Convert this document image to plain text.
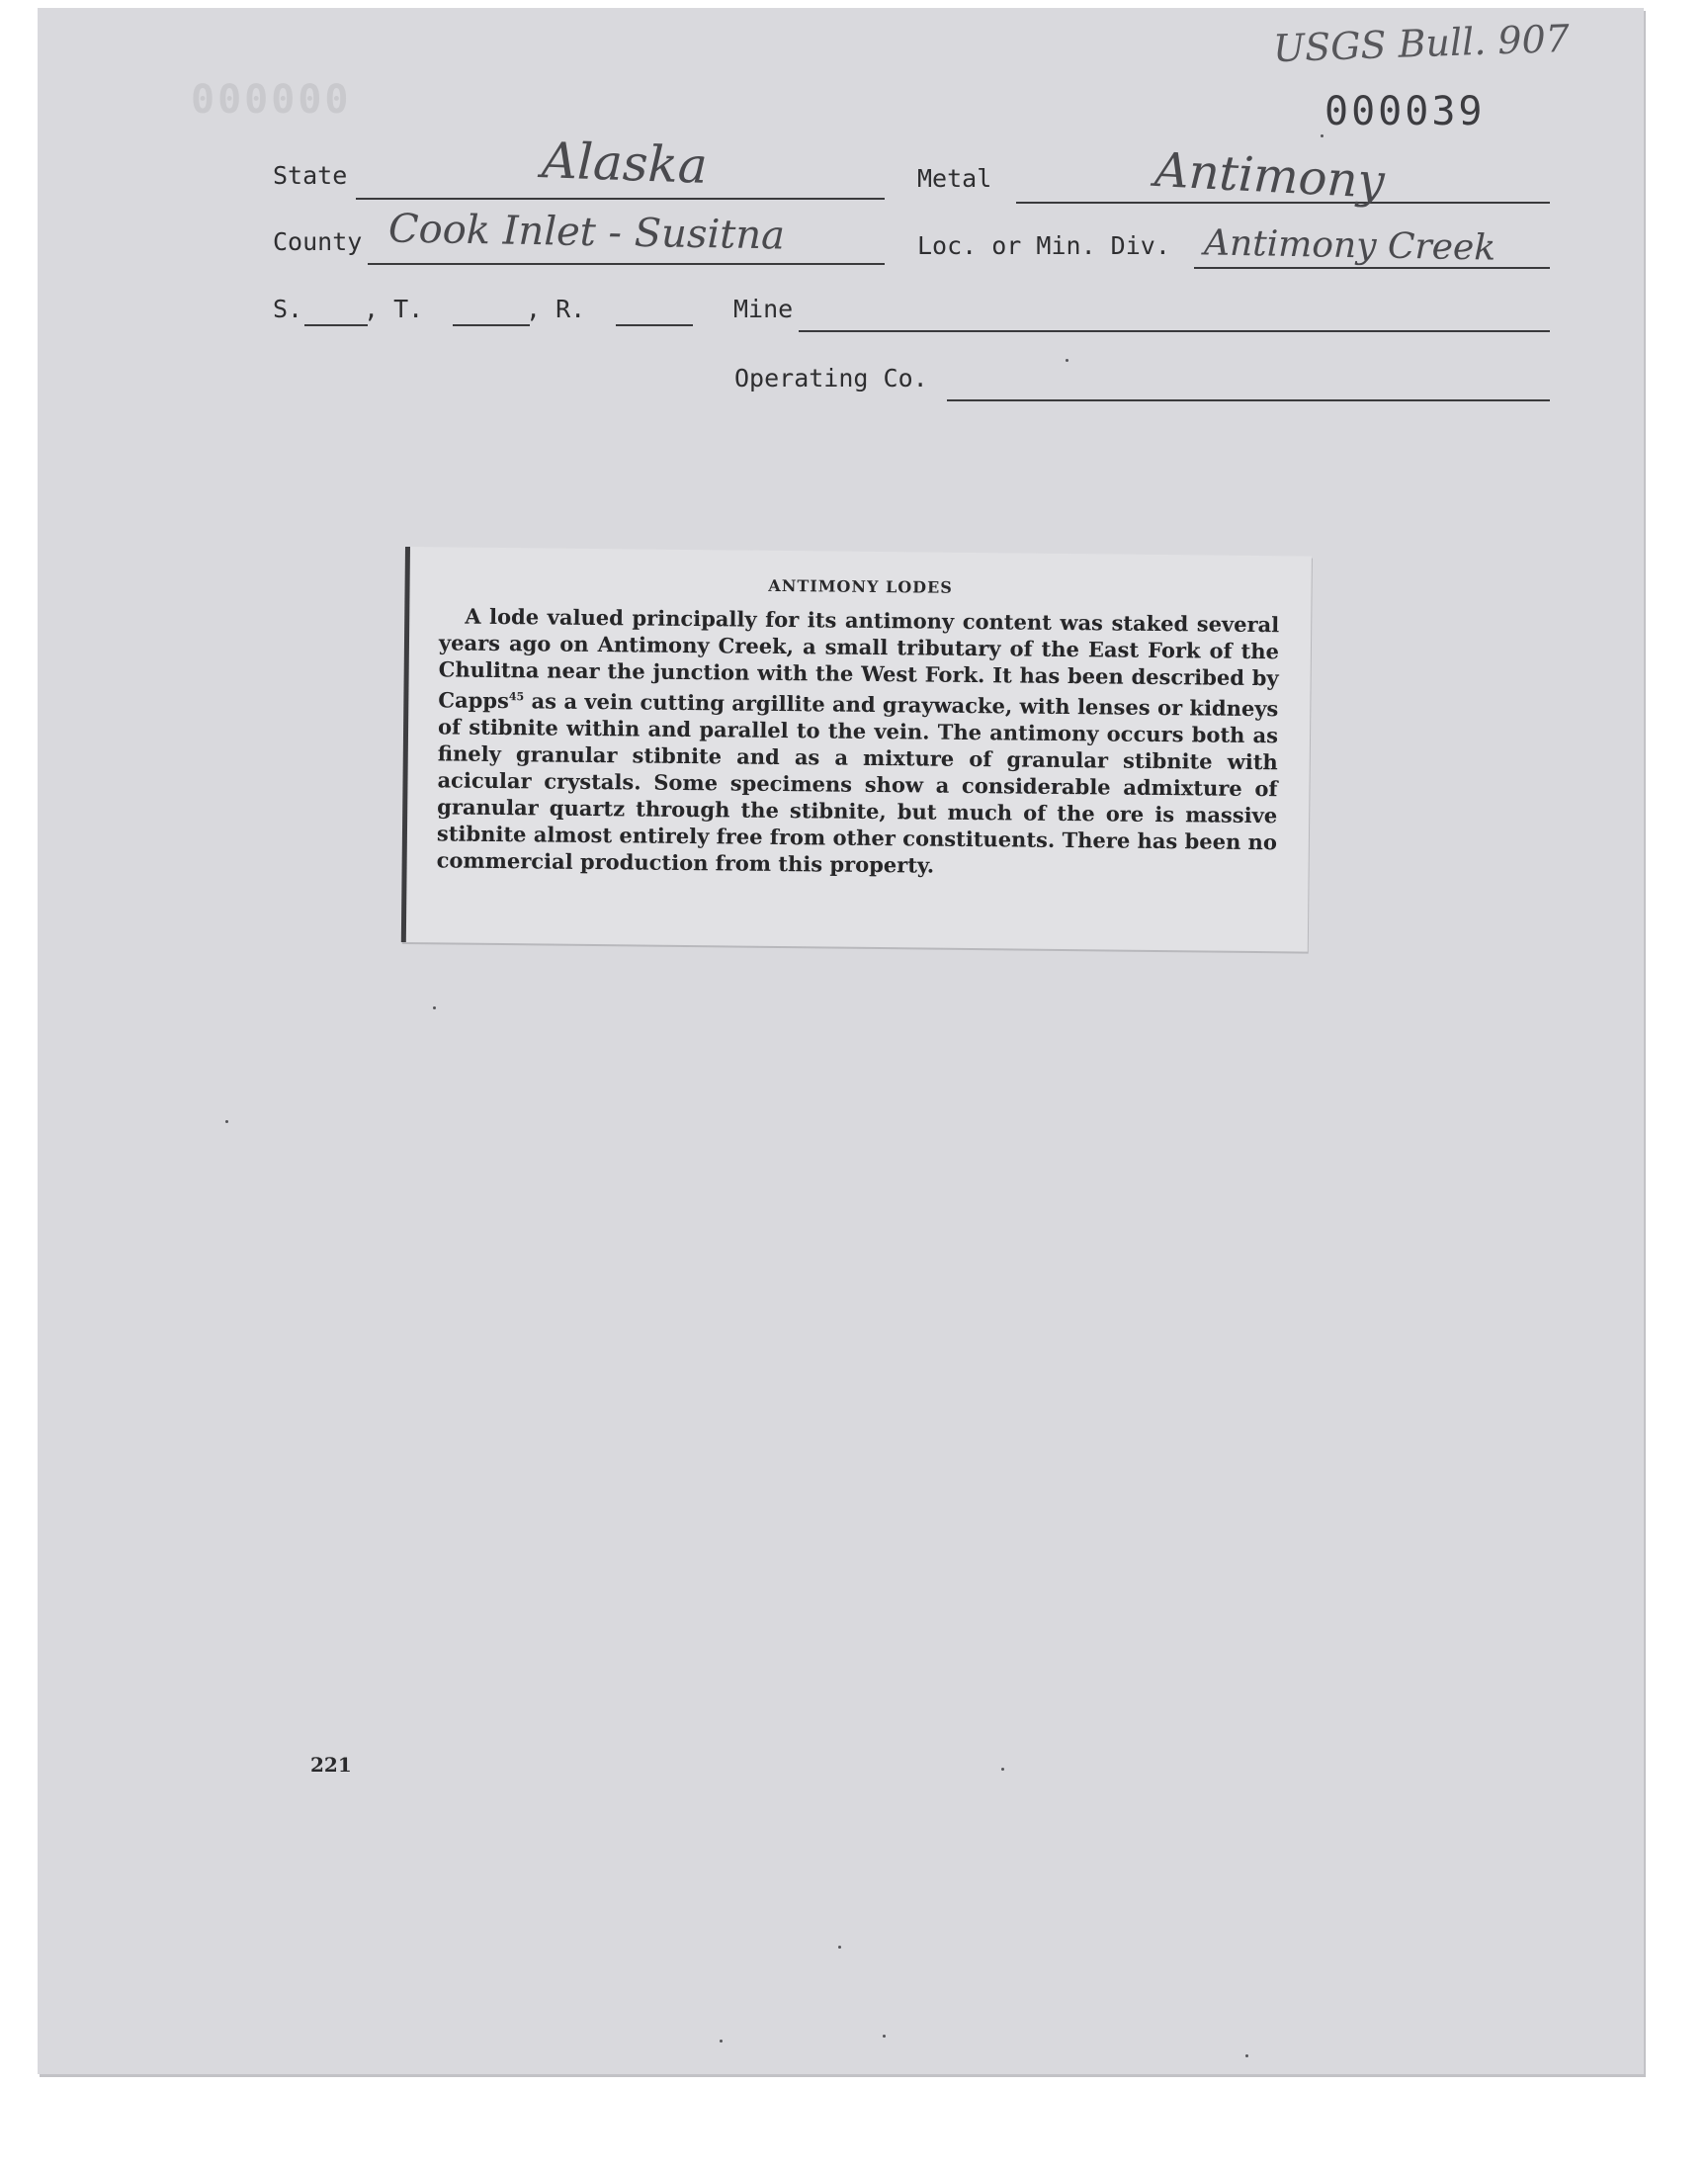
USGS Bull. 907
000000	000039
State	Alaska	Metal	Antimony
County Cook Inlet - Susitna	Loc. or Min. Div. Antimony Creek
S. , T.	, R.	Mine
Operating Co.
ANTIMONY LODES
A lode valued principally for its antimony content was staked several years ago on Antimony Creek, a small tributary of the East Fork of the Chulitna near the junction with the West Fork. It has been described by Capps$^{45}$ as a vein cutting argillite and graywacke, with lenses or kidneys of stibnite within and parallel to the vein. The antimony occurs both as finely granular stibnite and as a mixture of granular stibnite with acicular crystals. Some specimens show a considerable admixture of granular quartz through the stibnite, but much of the ore is massive stibnite almost entirely free from other constituents. There has been no commercial production from this property.
221
